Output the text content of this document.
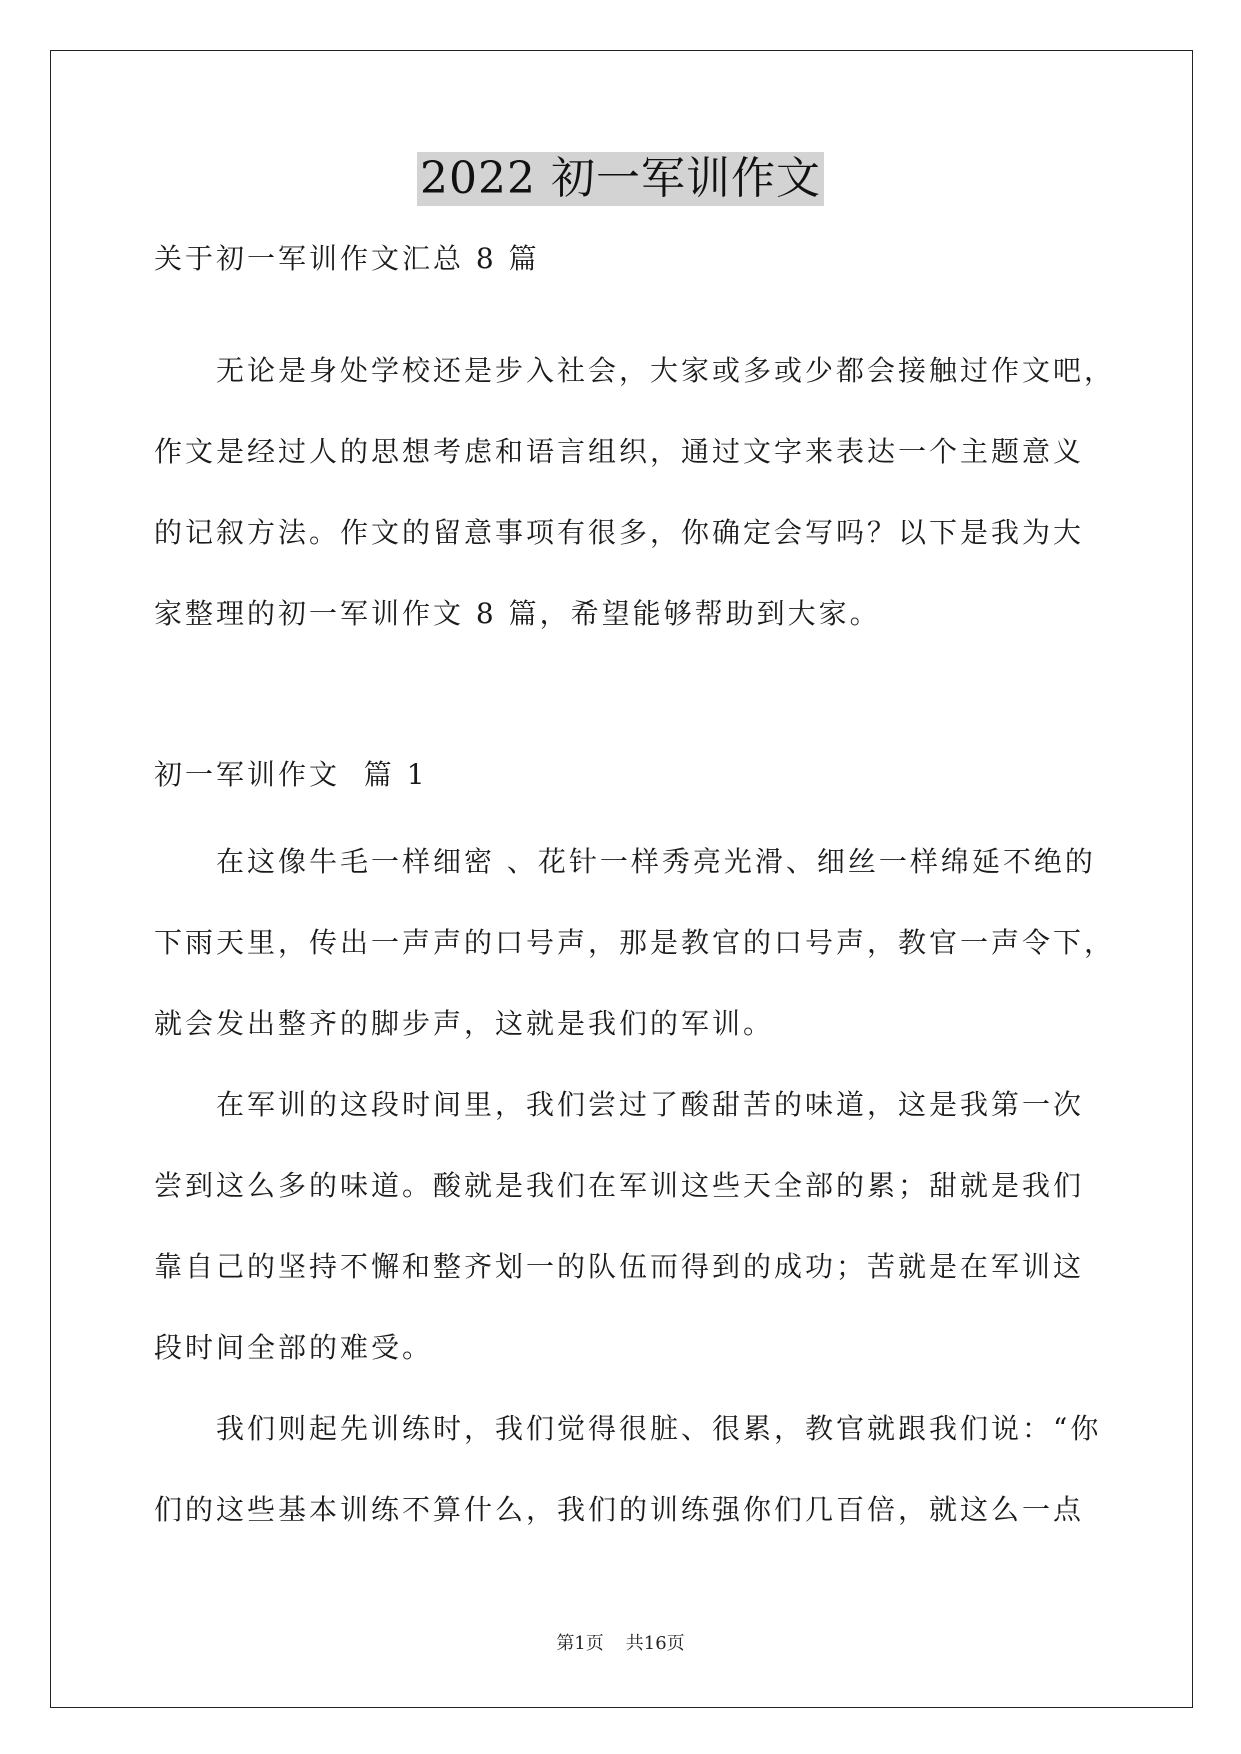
2022 初一军训作文
关于初一军训作文汇总 8 篇
无论是身处学校还是步入社会，大家或多或少都会接触过作文吧，
作文是经过人的思想考虑和语言组织，通过文字来表达一个主题意义
的记叙方法。作文的留意事项有很多，你确定会写吗？以下是我为大
家整理的初一军训作文 8 篇，希望能够帮助到大家。
初一军训作文  篇 1
在这像牛毛一样细密 、花针一样秀亮光滑、细丝一样绵延不绝的
下雨天里，传出一声声的口号声，那是教官的口号声，教官一声令下，
就会发出整齐的脚步声，这就是我们的军训。
在军训的这段时间里，我们尝过了酸甜苦的味道，这是我第一次
尝到这么多的味道。酸就是我们在军训这些天全部的累；甜就是我们
靠自己的坚持不懈和整齐划一的队伍而得到的成功；苦就是在军训这
段时间全部的难受。
我们则起先训练时，我们觉得很脏、很累，教官就跟我们说：“你
们的这些基本训练不算什么，我们的训练强你们几百倍，就这么一点
第1页 共16页
